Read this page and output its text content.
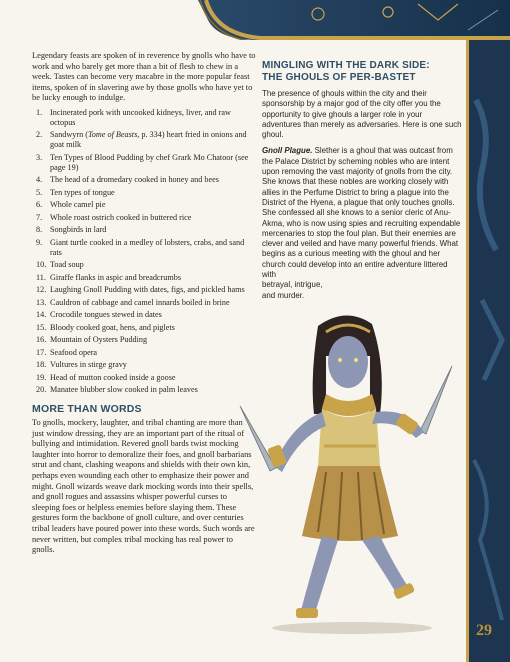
Legendary feasts are spoken of in reverence by gnolls who have to work and who barely get more than a bit of flesh to chew in a week. Tastes can become very macabre in the more popular feast items, spoken of in slavering awe by those gnolls who have yet to be lucky enough to indulge.

1. Incinerated pork with uncooked kidneys, liver, and raw octopus
2. Sandwyrn (Tome of Beasts, p. 334) heart fried in onions and goat milk
3. Ten Types of Blood Pudding by chef Grark Mo Chatoor (see page 19)
4. The head of a dromedary cooked in honey and bees
5. Ten types of tongue
6. Whole camel pie
7. Whole roast ostrich cooked in buttered rice
8. Songbirds in lard
9. Giant turtle cooked in a medley of lobsters, crabs, and sand rats
10. Toad soup
11. Giraffe flanks in aspic and breadcrumbs
12. Laughing Gnoll Pudding with dates, figs, and pickled hams
13. Cauldron of cabbage and camel innards boiled in brine
14. Crocodile tongues stewed in dates
15. Bloody cooked goat, hens, and piglets
16. Mountain of Oysters Pudding
17. Seafood opera
18. Vultures in stirge gravy
19. Head of mutton cooked inside a goose
20. Manatee blubber slow cooked in palm leaves
MORE THAN WORDS

To gnolls, mockery, laughter, and tribal chanting are more than just window dressing, they are an important part of the ritual of bullying and intimidation. Revered gnoll bards twist mocking laughter into horror to demoralize their foes, and gnoll barbarians strut and chant, clashing weapons and shields with their own kin, perhaps even wounding each other to emphasize their power and might. Gnoll wizards weave dark mocking words into their spells, and gnoll rogues and assassins whisper powerful curses to sleeping foes or helpless enemies before slaying them. These gestures form the backbone of gnoll culture, and over centuries tribal leaders have poured power into these words. Such words are never written, but complex tribal mocking has real power to gnolls.

MINGLING WITH THE DARK SIDE:
THE GHOULS OF PER-BASTET

The presence of ghouls within the city and their sponsorship by a major god of the city offer you the opportunity to give ghouls a larger role in your adventures than merely as adversaries. Here is one such ghoul.

Gnoll Plague. Slether is a ghoul that was outcast from the Palace District by scheming nobles who are intent upon removing the vast majority of gnolls from the city. She knows that these nobles are working closely with allies in the Perfume District to bring a plague into the District of the Hyena, a plague that only touches gnolls. She confessed all she knows to a senior cleric of Anu-Akma, who is now using spies and recruiting expendable mercenaries to stop the foul plan. But their enemies are clever and veiled and have many powerful friends. What begins as a curious meeting with the ghoul and her church could develop into an entire adventure littered with
betrayal, intrigue,
and murder.

29
